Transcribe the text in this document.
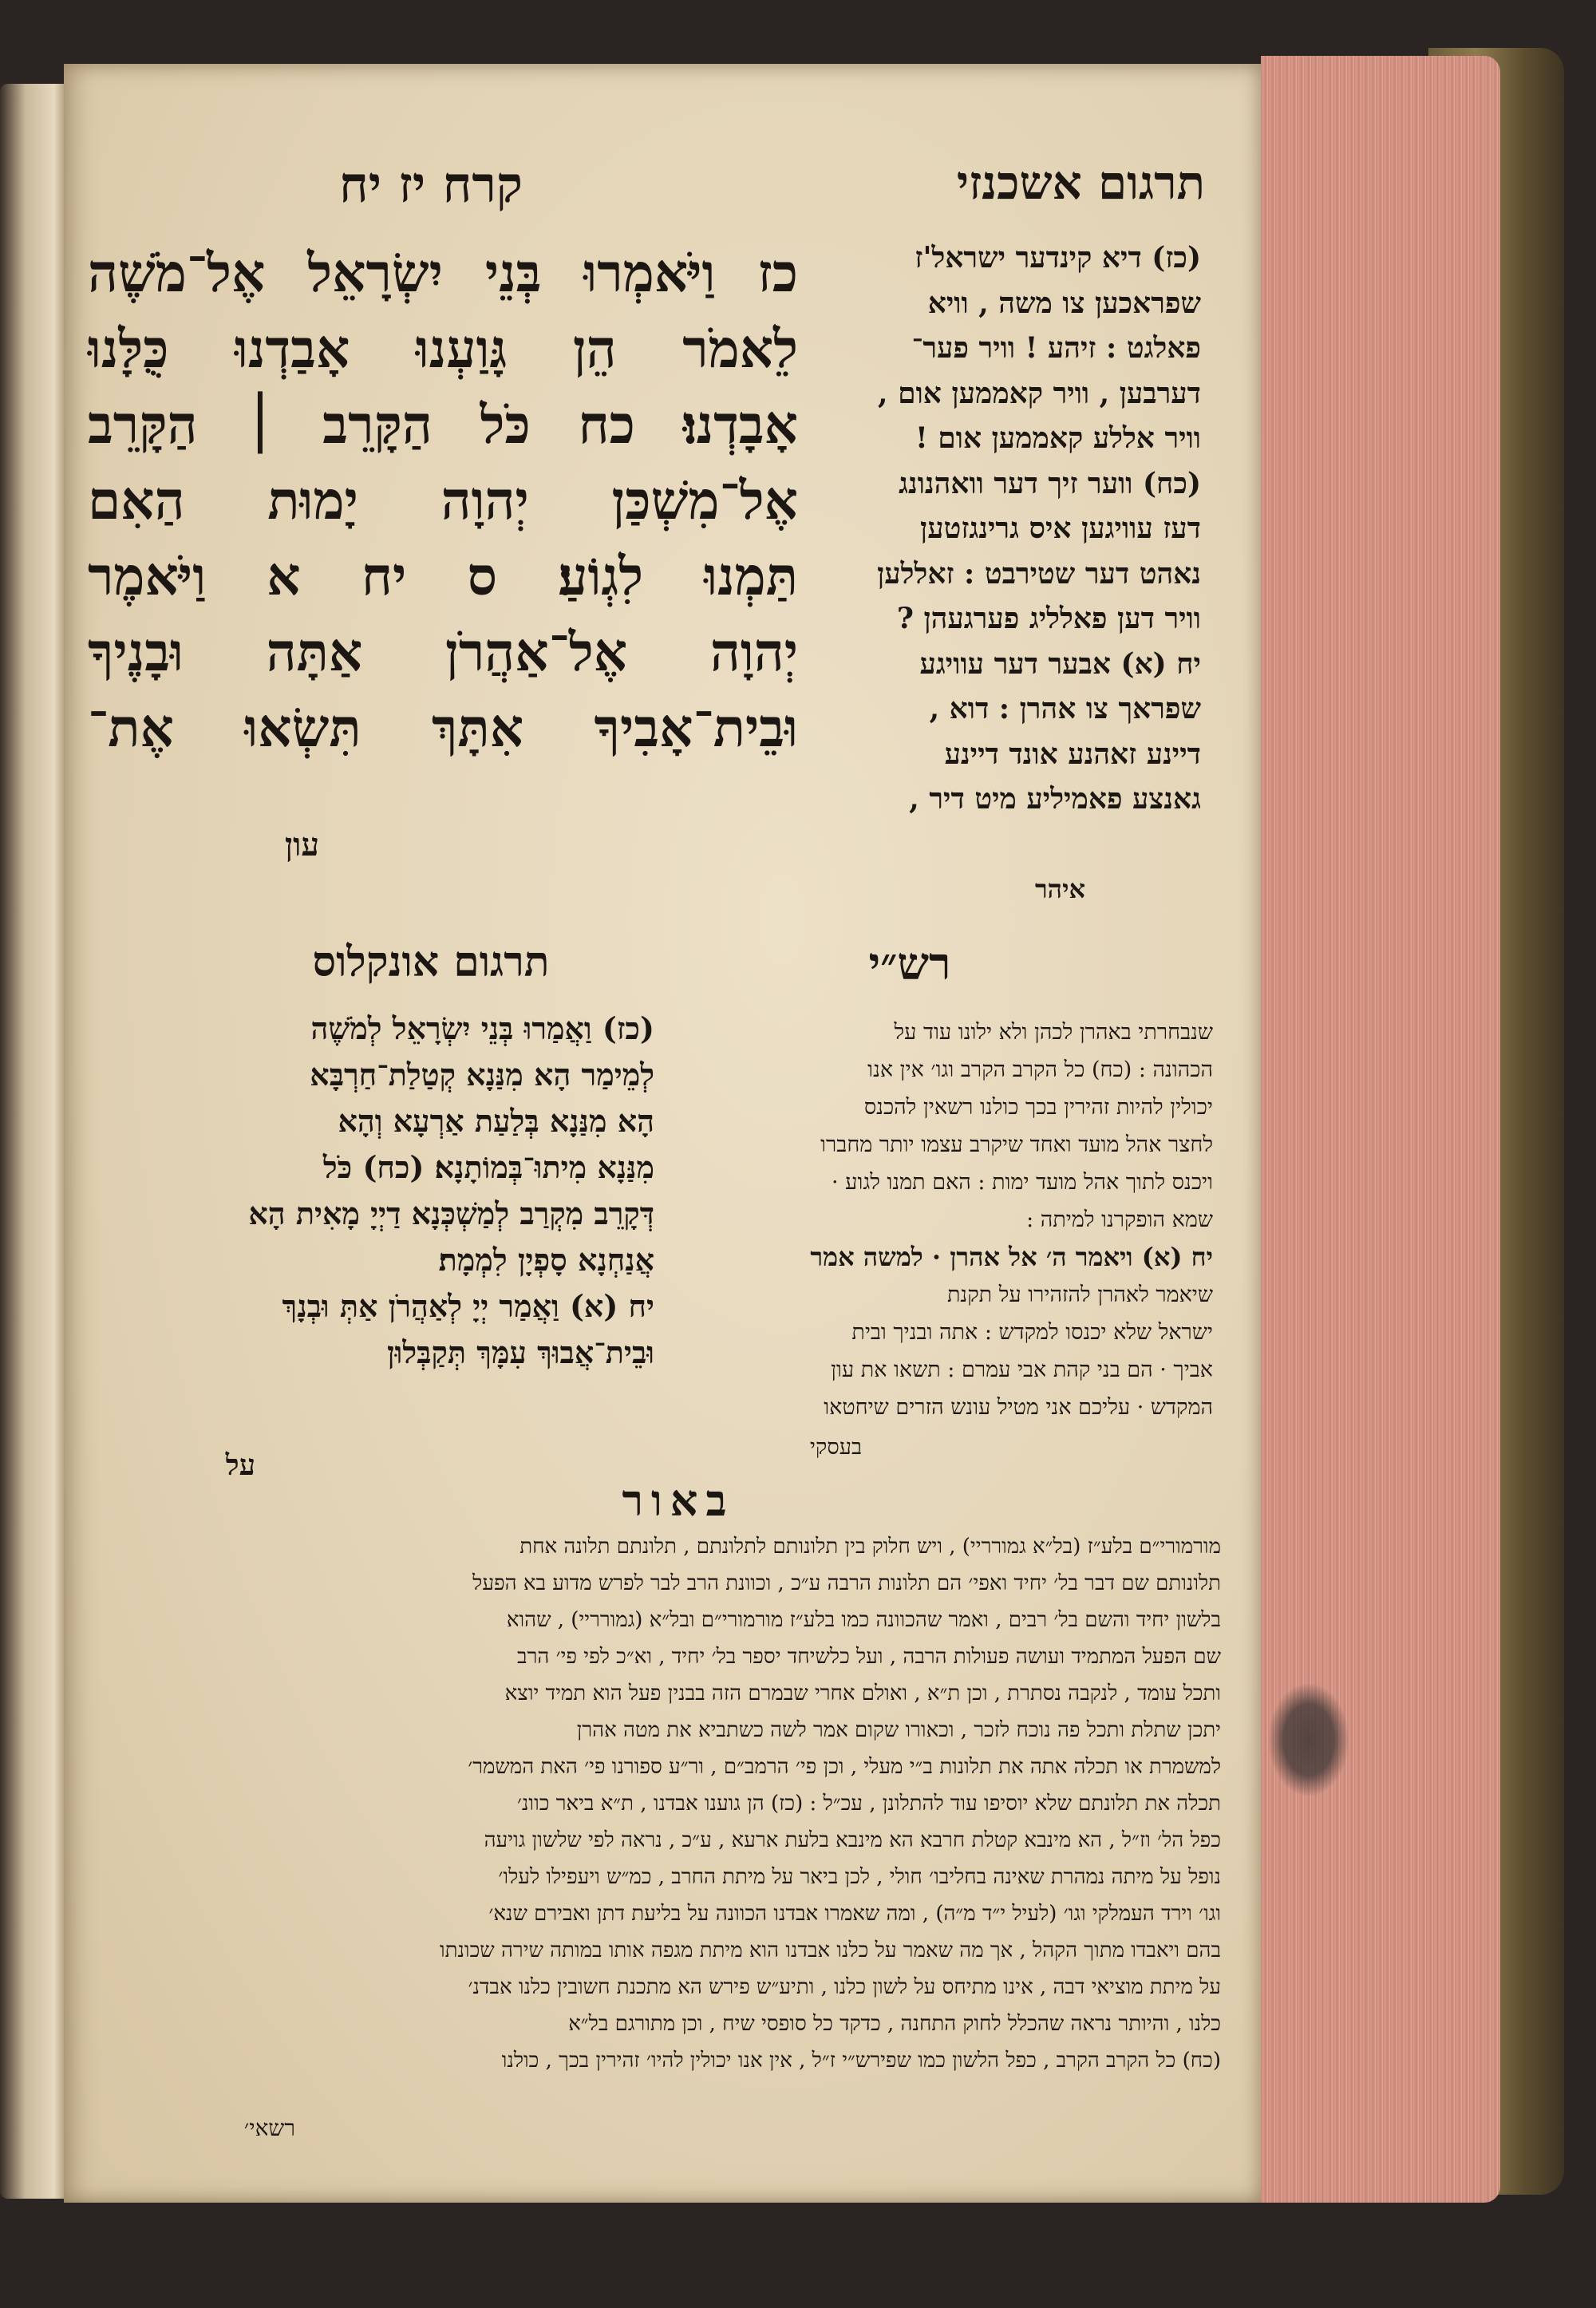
תרגום אשכנזי
קרח יז יח
כז וַיֹּאמְרוּ בְּנֵי יִשְׂרָאֵל אֶל־מֹשֶׁה
לֵאמֹר הֵן גָּוַעְנוּ אָבַדְנוּ כֻּלָּנוּ
אָבָדְנוּ׃ כח כֹּל הַקָּרֵב ׀ הַקָּרֵב
אֶל־מִשְׁכַּן יְהוָה יָמוּת הַאִם
תַּמְנוּ לִגְוֹעַ׃ ס יח א וַיֹּאמֶר
יְהוָה אֶל־אַהֲרֹן אַתָּה וּבָנֶיךָ
וּבֵית־אָבִיךָ אִתָּךְ תִּשְׂאוּ אֶת־
עון
(כז) דיא קינדער ישראל'ז
שפראכען צו משה , וויא
פאלגט : זיהע ! וויר פער־
דערבען , וויר קאממען אום ,
וויר אללע קאממען אום !
(כח) ווער זיך דער וואהנונג
דעז עוויגען איס גרינגזטען
נאהט דער שטירבט : זאללען
וויר דען פאלליג פערגעהן ?
יח (א) אבער דער עוויגע
שפראך צו אהרן : דוא ,
דיינע זאהנע אונד דיינע
גאנצע פאמיליע מיט דיר ,
איהר
תרגום אונקלוס	רש״י
(כז) וַאֲמַרוּ בְּנֵי יִשְׂרָאֵל לְמֹשֶׁה
לְמֵימַר הָא מִנַּנָא קְטַלַת־חַרְבָּא
הָא מִנַּנָא בְּלַעַת אַרְעָא וְהָא
מִנַּנָא מִיתוּ־בְּמוֹתָנָא׃ (כח) כֹּל
דְּקָרֵב מִקְרַב לְמַשְׁכְּנָא דַיְיָ מָאִית הָא
אֲנַחְנָא סָפְיָן לִמְמָת׃
יח (א) וַאֲמַר יְיָ לְאַהֲרֹן אַתְּ וּבְנָךְ
וּבֵית־אֲבוּךְ עִמָּךְ תְּקַבְּלוּן
על
שנבחרתי באהרן לכהן ולא ילונו עוד על
הכהונה : (כח) כל הקרב הקרב וגו׳ אין אנו
יכולין להיות זהירין בכך כולנו רשאין להכנס
לחצר אהל מועד ואחד שיקרב עצמו יותר מחברו
ויכנס לתוך אהל מועד ימות : האם תמנו לגוע ·
שמא הופקרנו למיתה :
יח (א) ויאמר ה׳ אל אהרן · למשה אמר
שיאמר לאהרן להזהירו על תקנת
ישראל שלא יכנסו למקדש : אתה ובניך ובית
אביך · הם בני קהת אבי עמרם : תשאו את עון
המקדש · עליכם אני מטיל עונש הזרים שיחטאו
בעסקי
באור
מורמורי״ם בלע״ז (בל״א גמורריי) , ויש חלוק בין תלונותם לתלונתם , תלונתם תלונה אחת
תלונותם שם דבר בל׳ יחיד ואפי׳ הם תלונות הרבה ע״כ , וכוונת הרב לבר לפרש מדוע בא הפעל
בלשון יחיד והשם בל׳ רבים , ואמר שהכוונה כמו בלע״ז מורמורי״ם ובל״א (גמורריי) , שהוא
שם הפעל המתמיד ועושה פעולות הרבה , ועל כלשיחד יספר בל׳ יחיד , וא״כ לפי פי׳ הרב
ותכל עומד , לנקבה נסתרת , וכן ת״א , ואולם אחרי שבמרם הזה בבנין פעל הוא תמיד יוצא
יתכן שתלת ותכל פה נוכח לזכר , וכאורו שקום אמר לשה כשתביא את מטה אהרן
למשמרת או תכלה אתה את תלונות ב״י מעלי , וכן פי׳ הרמב״ם , ור״ע ספורנו פי׳ האת המשמר׳
תכלה את תלונתם שלא יוסיפו עוד להתלונן , עכ״ל : (כז) הן גוענו אבדנו , ת״א ביאר כוונ׳
כפל הל׳ וז״ל , הא מינבא קטלת חרבא הא מינבא בלעת ארעא , ע״כ , נראה לפי שלשון גויעה
נופל על מיתה נמהרת שאינה בחליבו׳ חולי , לכן ביאר על מיתת החרב , כמ״ש ויעפילו לעלו׳
וגו׳ וירד העמלקי וגו׳ (לעיל י״ד מ״ה) , ומה שאמרו אבדנו הכוונה על בליעת דתן ואבירם שנא׳
בהם ויאבדו מתוך הקהל , אך מה שאמר על כלנו אבדנו הוא מיתת מגפה אותו במותה שירה שכונתו
על מיתת מוציאי דבה , אינו מתיחס על לשון כלנו , ותיע״ש פירש הא מתכנת חשובין כלנו אבדנ׳
כלנו , והיותר נראה שהכלל לחוק התחנה , כדקד כל סופסי שיח , וכן מתורגם בל״א
(כח) כל הקרב הקרב , כפל הלשון כמו שפירש״י ז״ל , אין אנו יכולין להיו׳ זהירין בכך , כולנו
רשאי׳
